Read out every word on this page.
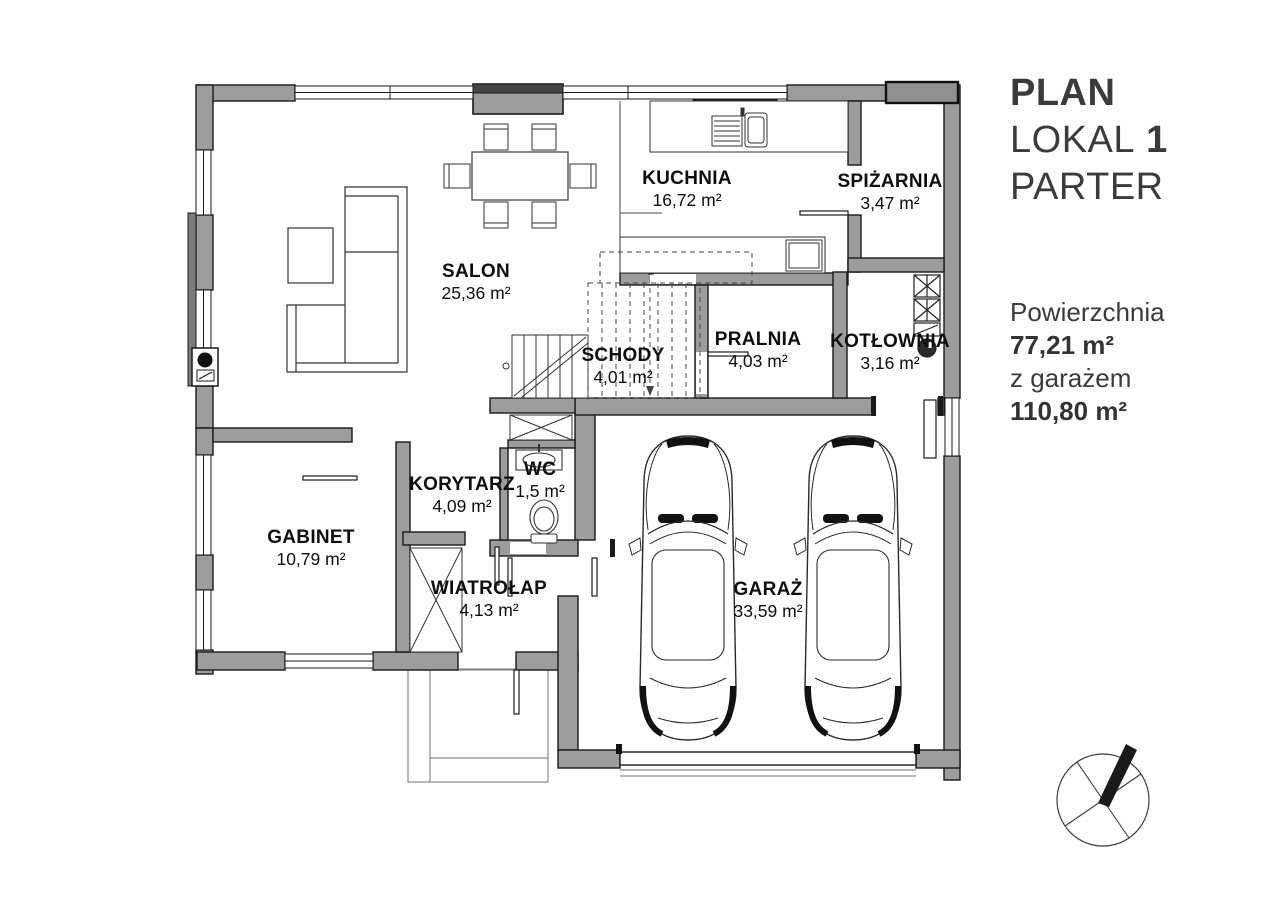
KUCHNIA
16,72 m²
SPIŻARNIA
3,47 m²
SALON
25,36 m²
PRALNIA
4,03 m²
KOTŁOWNIA
3,16 m²
SCHODY
4,01 m²
WC
1,5 m²
KORYTARZ
4,09 m²
GABINET
10,79 m²
WIATROŁAP
4,13 m²
GARAŻ
33,59 m²
PLAN
LOKAL 1
PARTER
Powierzchnia
77,21 m²
z garażem
110,80 m²
